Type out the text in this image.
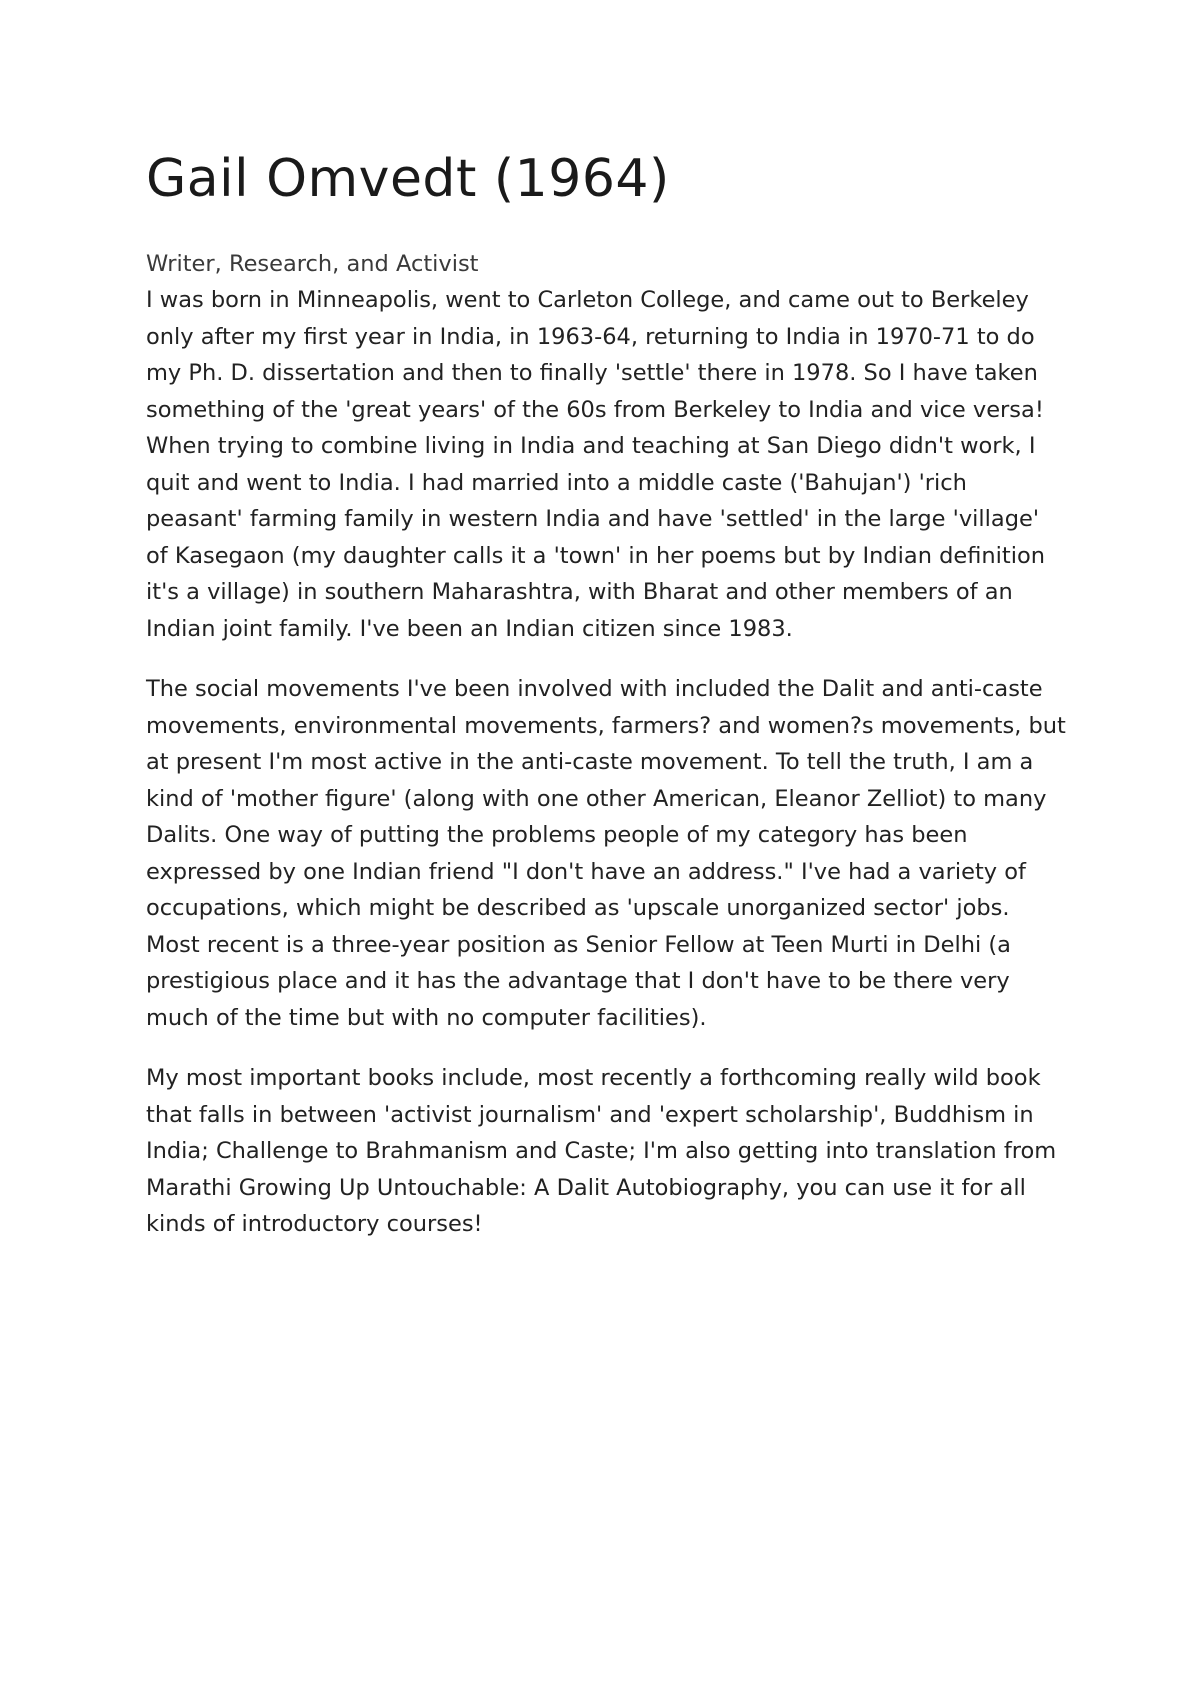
Gail Omvedt (1964)

Writer, Research, and Activist

I was born in Minneapolis, went to Carleton College, and came out to Berkeley only after my first year in India, in 1963-64, returning to India in 1970-71 to do my Ph. D. dissertation and then to finally 'settle' there in 1978. So I have taken something of the 'great years' of the 60s from Berkeley to India and vice versa! When trying to combine living in India and teaching at San Diego didn't work, I quit and went to India. I had married into a middle caste ('Bahujan') 'rich peasant' farming family in western India and have 'settled' in the large 'village' of Kasegaon (my daughter calls it a 'town' in her poems but by Indian definition it's a village) in southern Maharashtra, with Bharat and other members of an Indian joint family. I've been an Indian citizen since 1983.

The social movements I've been involved with included the Dalit and anti-caste movements, environmental movements, farmers? and women?s movements, but at present I'm most active in the anti-caste movement. To tell the truth, I am a kind of 'mother figure' (along with one other American, Eleanor Zelliot) to many Dalits. One way of putting the problems people of my category has been expressed by one Indian friend "I don't have an address." I've had a variety of occupations, which might be described as 'upscale unorganized sector' jobs. Most recent is a three-year position as Senior Fellow at Teen Murti in Delhi (a prestigious place and it has the advantage that I don't have to be there very much of the time but with no computer facilities).

My most important books include, most recently a forthcoming really wild book that falls in between 'activist journalism' and 'expert scholarship', Buddhism in India; Challenge to Brahmanism and Caste; I'm also getting into translation from Marathi Growing Up Untouchable: A Dalit Autobiography, you can use it for all kinds of introductory courses!
